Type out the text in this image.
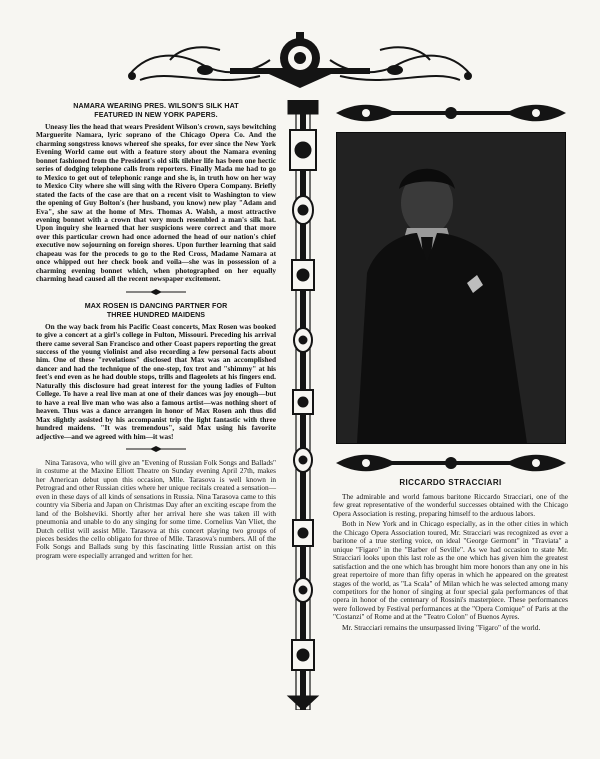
NAMARA WEARING PRES. WILSON'S SILK HAT
FEATURED IN NEW YORK PAPERS.

Uneasy lies the head that wears President Wilson's crown, says bewitching Marguerite Namara, lyric soprano of the Chicago Opera Co. And the charming songstress knows whereof she speaks, for ever since the New York Evening World came out with a feature story about the Namara evening bonnet fashioned from the President's old silk tileher life has been one hectic series of dodging telephone calls from reporters. Finally Mada me had to go to Mexico to get out of telephonic range and she is, in truth how on her way to Mexico City where she will sing with the Rivero Opera Company. Briefly stated the facts of the case are that on a recent visit to Washington to view the opening of Guy Bolton's (her husband, you know) new play "Adam and Eva", she saw at the home of Mrs. Thomas A. Walsh, a most attractive evening bonnet with a crown that very much resembled a man's silk hat. Upon inquiry she learned that her suspicions were correct and that more over this particular crown had once adorned the head of our nation's chief executive now sojourning on foreign shores. Upon further learning that said chapeau was for the proceds to go to the Red Cross, Madame Namara at once whipped out her check book and voila—she was in possession of a charming evening bonnet which, when photographed on her equally charming head caused all the recent newspaper excitement.

MAX ROSEN IS DANCING PARTNER FOR
THREE HUNDRED MAIDENS

On the way back from his Pacific Coast concerts, Max Rosen was booked to give a concert at a girl's college in Fulton, Missouri. Preceding his arrival there came several San Francisco and other Coast papers reporting the great success of the young violinist and also recording a few personal facts about him. One of these "revelations" disclosed that Max was an accomplished dancer and had the technique of the one-step, fox trot and "shimmy" at his feet's end even as he had double stops, trills and flageolets at his fingers end. Naturally this disclosure had great interest for the young ladies of Fulton College. To have a real live man at one of their dances was joy enough—but to have a real live man who was also a famous artist—was nothing short of heaven. Thus was a dance arrangen in honor of Max Rosen anh thus did Max slightly assisted by his accompanist trip the light fantastic with three hundred maidens. "It was tremendous", said Max using his favorite adjective—and we agreed with him—it was!

Nina Tarasova, who will give an "Evening of Russian Folk Songs and Ballads" in costume at the Maxine Elliott Theatre on Sunday evening April 27th, makes her American debut upon this occasion, Mlle. Tarasova is well known in Petrograd and other Russian cities where her unique recitals created a sensation—even in these days of all kinds of sensations in Russia. Nina Tarasova came to this country via Siberia and Japan on Christmas Day after an exciting escape from the land of the Bolsheviki. Shortly after her arrival here she was taken ill with pneumonia and unable to do any singing for some time. Cornelius Van Vliet, the Dutch cellist will assist Mlle. Tarasova at this concert playing two groups of pieces besides the cello obligato for three of Mlle. Tarasova's numbers. All of the Folk Songs and Ballads sung by this fascinating little Russian artist on this program were especially arranged and written for her.

RICCARDO STRACCIARI

The admirable and world famous baritone Riccardo Stracciari, one of the few great representative of the wonderful successes obtained with the Chicago Opera Association is resting, preparing himself to the arduous labors.

Both in New York and in Chicago especially, as in the other cities in which the Chicago Opera Association toured, Mr. Stracciari was recognized as ever a baritone of a true sterling voice, on ideal "George Germont" in "Traviata" a unique "Figaro" in the "Barber of Seville". As we had occasion to state Mr. Stracciari looks upon this last role as the one which has given him the greatest satisfaction and the one which has brought him more honors than any one in his great repertoire of more than fifty operas in which he appeared on the greatest stages of the world, as "La Scala" of Milan which he was selected among many competitors for the honor of singing at four special gala performances of that opera in honor of the centenary of Rossini's masterpiece. These performances were followed by Festival performances at the "Opera Comique" of Paris at the "Costanzi" of Rome and at the "Teatro Colon" of Buenos Ayres.

Mr. Stracciari remains the unsurpassed living "Figaro" of the world.
